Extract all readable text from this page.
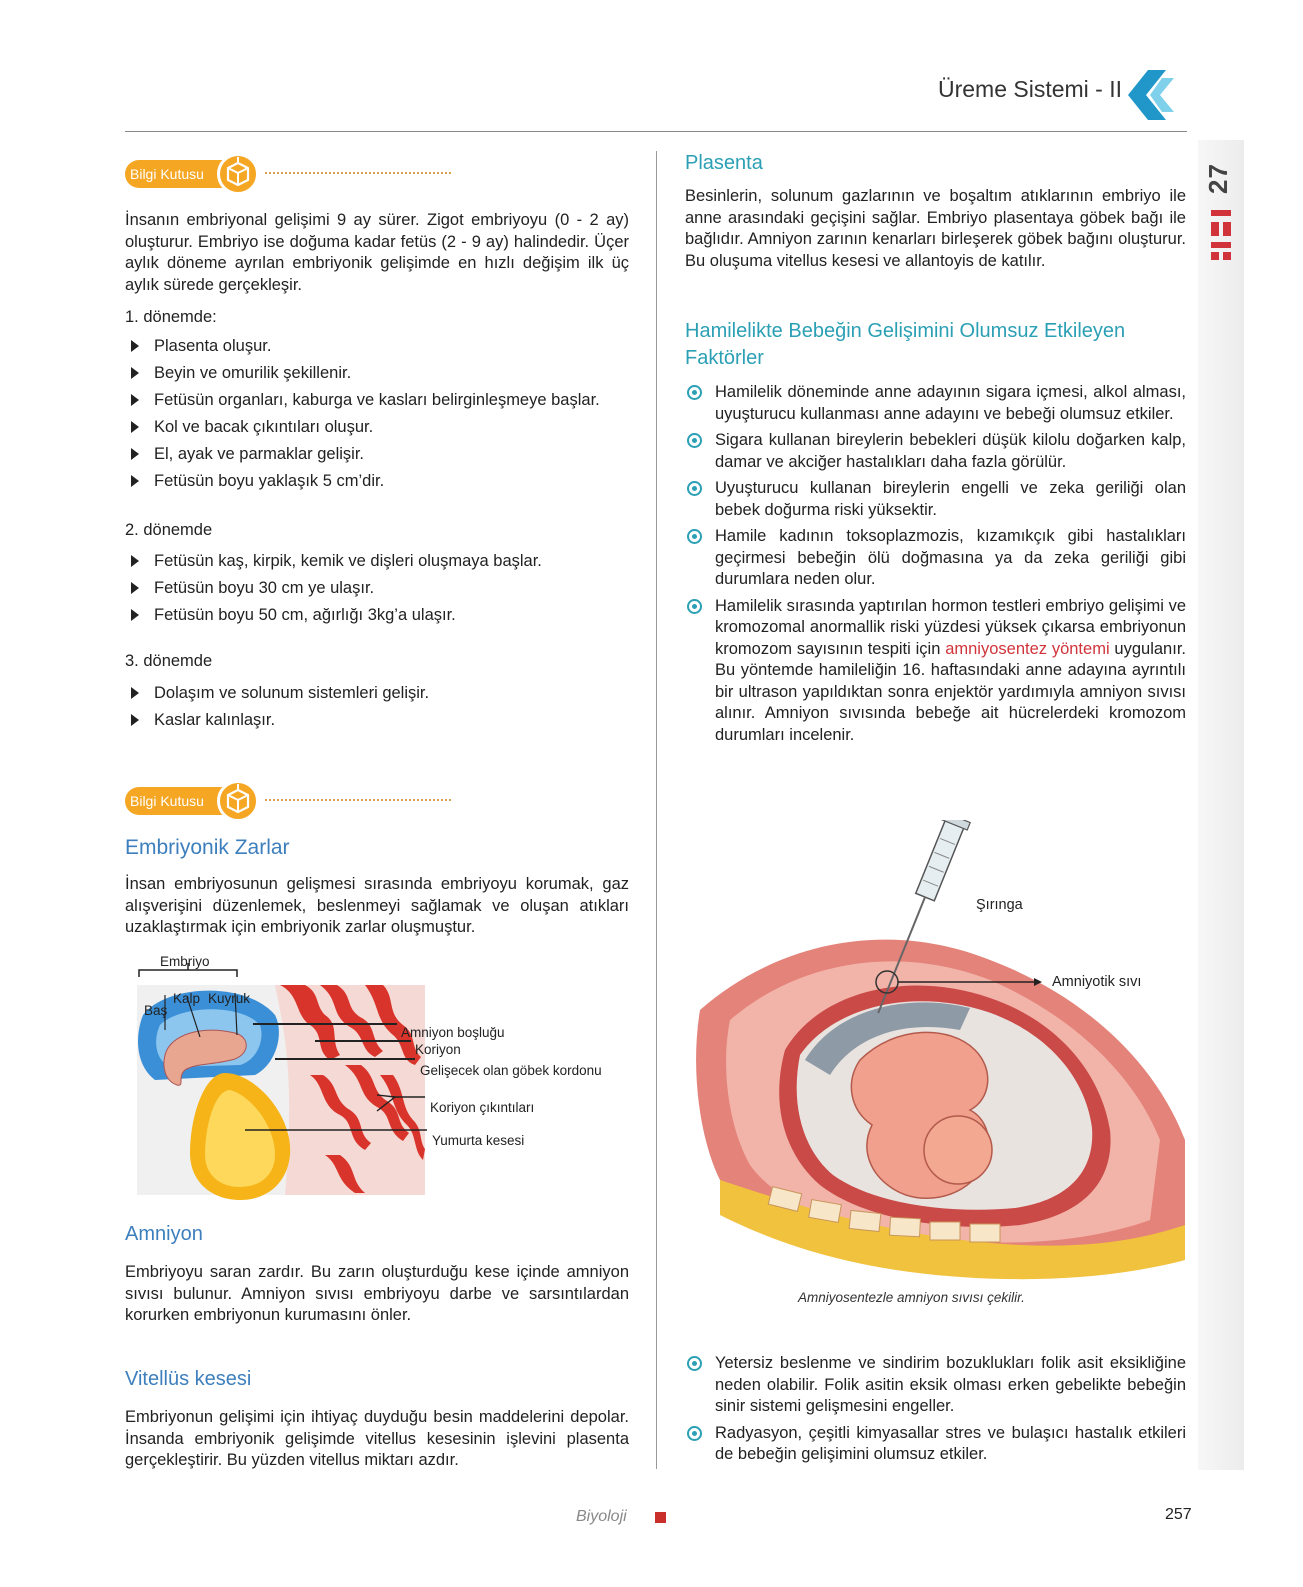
Üreme Sistemi - II
27
Bilgi Kutusu
İnsanın embriyonal gelişimi 9 ay sürer. Zigot embriyoyu (0 - 2 ay) oluşturur. Embriyo ise doğuma kadar fetüs (2 - 9 ay) halindedir. Üçer aylık döneme ayrılan embriyonik gelişimde en hızlı değişim ilk üç aylık sürede gerçekleşir.
1. dönemde:
Plasenta oluşur.
Beyin ve omurilik şekillenir.
Fetüsün organları, kaburga ve kasları belirginleşmeye başlar.
Kol ve bacak çıkıntıları oluşur.
El, ayak ve parmaklar gelişir.
Fetüsün boyu yaklaşık 5 cm’dir.
2. dönemde
Fetüsün kaş, kirpik, kemik ve dişleri oluşmaya başlar.
Fetüsün boyu 30 cm ye ulaşır.
Fetüsün boyu 50 cm, ağırlığı 3kg’a ulaşır.
3. dönemde
Dolaşım ve solunum sistemleri gelişir.
Kaslar kalınlaşır.
Bilgi Kutusu
Embriyonik Zarlar
İnsan embriyosunun gelişmesi sırasında embriyoyu korumak, gaz alışverişini düzenlemek, beslenmeyi sağlamak ve oluşan atıkları uzaklaştırmak için embriyonik zarlar oluşmuştur.
Embriyo
Baş
Kalp Kuyruk
Amniyon boşluğu
Koriyon
Gelişecek olan göbek kordonu
Koriyon çıkıntıları
Yumurta kesesi
Amniyon
Embriyoyu saran zardır. Bu zarın oluşturduğu kese içinde amniyon sıvısı bulunur. Amniyon sıvısı embriyoyu darbe ve sarsıntılardan korurken embriyonun kurumasını önler.
Vitellüs kesesi
Embriyonun gelişimi için ihtiyaç duyduğu besin maddelerini depolar. İnsanda embriyonik gelişimde vitellus kesesinin işlevini plasenta gerçekleştirir. Bu yüzden vitellus miktarı azdır.
Plasenta
Besinlerin, solunum gazlarının ve boşaltım atıklarının embriyo ile anne arasındaki geçişini sağlar. Embriyo plasentaya göbek bağı ile bağlıdır. Amniyon zarının kenarları birleşerek göbek bağını oluşturur. Bu oluşuma vitellus kesesi ve allantoyis de katılır.
Hamilelikte Bebeğin Gelişimini Olumsuz Etkileyen Faktörler
Hamilelik döneminde anne adayının sigara içmesi, alkol alması, uyuşturucu kullanması anne adayını ve bebeği olumsuz etkiler.
Sigara kullanan bireylerin bebekleri düşük kilolu doğarken kalp, damar ve akciğer hastalıkları daha fazla görülür.
Uyuşturucu kullanan bireylerin engelli ve zeka geriliği olan bebek doğurma riski yüksektir.
Hamile kadının toksoplazmozis, kızamıkçık gibi hastalıkları geçirmesi bebeğin ölü doğmasına ya da zeka geriliği gibi durumlara neden olur.
Hamilelik sırasında yaptırılan hormon testleri embriyo gelişimi ve kromozomal anormallik riski yüzdesi yüksek çıkarsa embriyonun kromozom sayısının tespiti için amniyosentez yöntemi uygulanır. Bu yöntemde hamileliğin 16. haftasındaki anne adayına ayrıntılı bir ultrason yapıldıktan sonra enjektör yardımıyla amniyon sıvısı alınır. Amniyon sıvısında bebeğe ait hücrelerdeki kromozom durumları incelenir.
Şırınga
Amniyotik sıvı
Amniyosentezle amniyon sıvısı çekilir.
Yetersiz beslenme ve sindirim bozuklukları folik asit eksikliğine neden olabilir. Folik asitin eksik olması erken gebelikte bebeğin sinir sistemi gelişmesini engeller.
Radyasyon, çeşitli kimyasallar stres ve bulaşıcı hastalık etkileri de bebeğin gelişimini olumsuz etkiler.
Biyoloji	257
